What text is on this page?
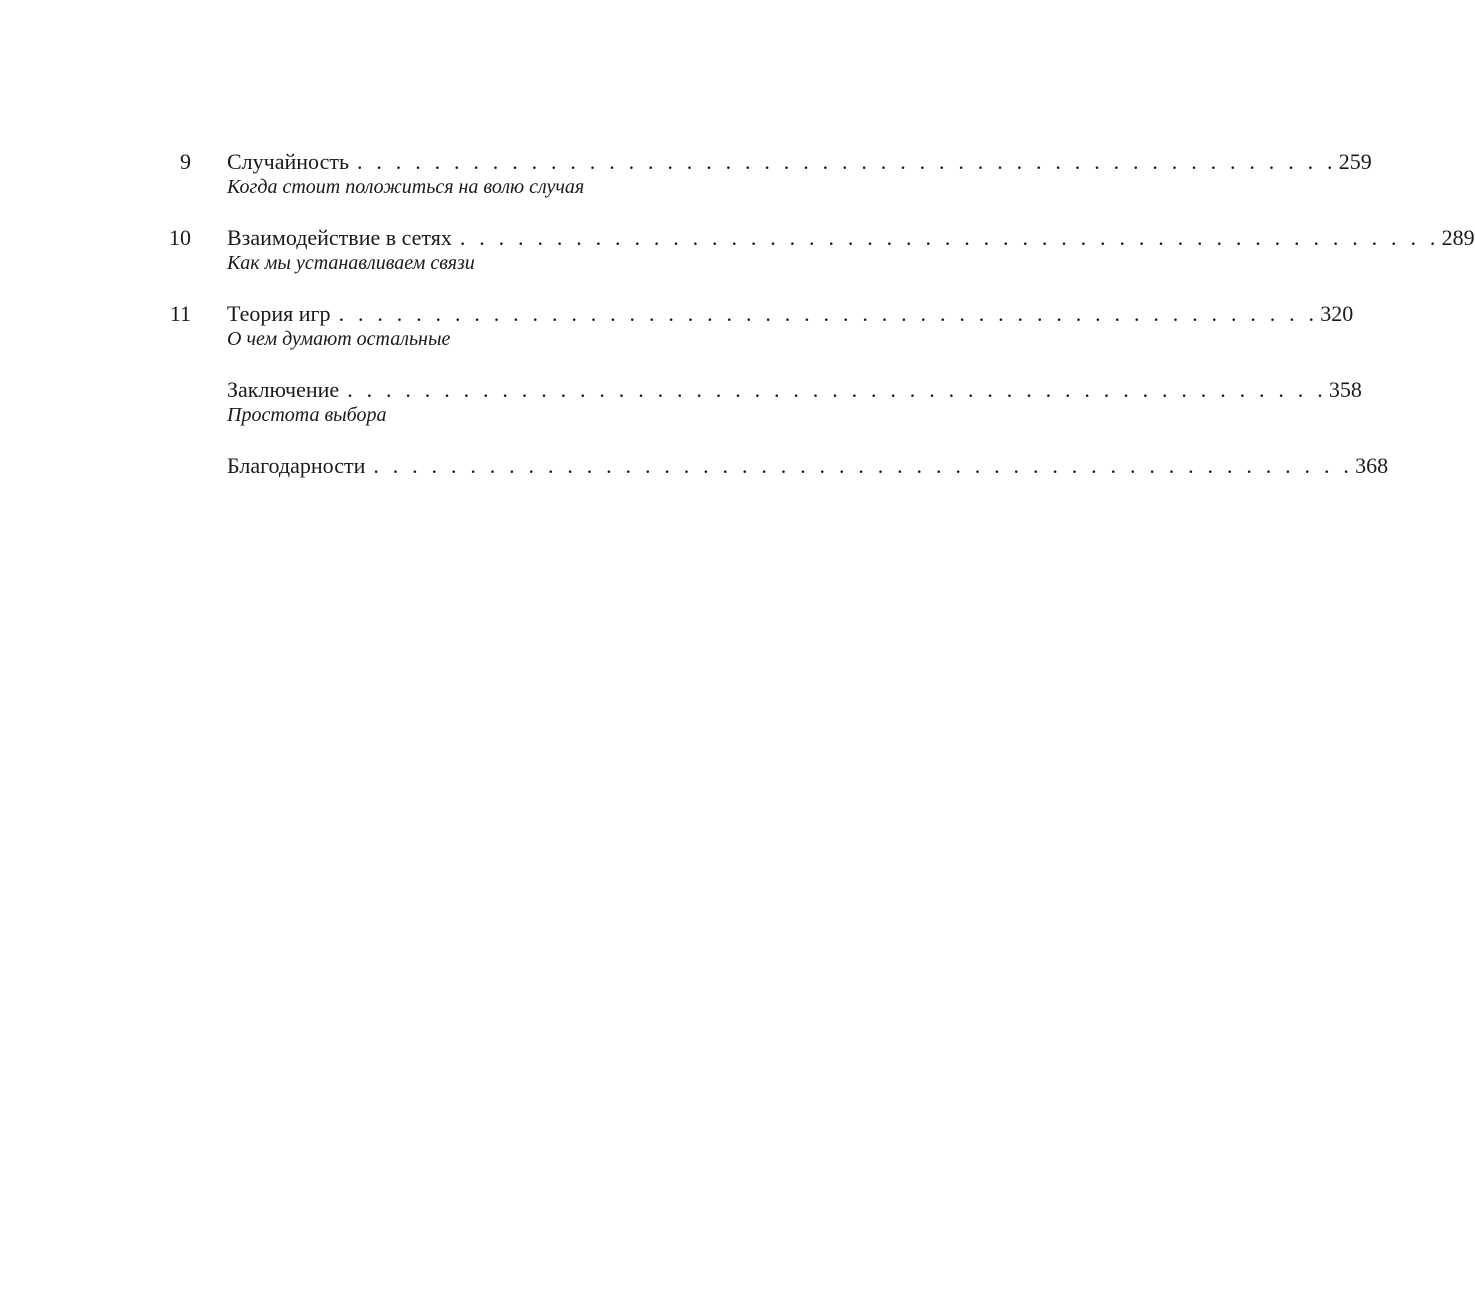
9 Случайность . . . . . . . . . . . . . . . . . . . . . . . . . . . . . . . . . . . . . . . . . . . . . . . . . . . 259
Когда стоит положиться на волю случая
10 Взаимодействие в сетях . . . . . . . . . . . . . . . . . . . . . . . . . . . . . . . . . . . . . . . . . . . . . . . . . . . 289
Как мы устанавливаем связи
11 Теория игр . . . . . . . . . . . . . . . . . . . . . . . . . . . . . . . . . . . . . . . . . . . . . . . . . . . 320
О чем думают остальные
Заключение . . . . . . . . . . . . . . . . . . . . . . . . . . . . . . . . . . . . . . . . . . . . . . . . . . . 358
Простота выбора
Благодарности . . . . . . . . . . . . . . . . . . . . . . . . . . . . . . . . . . . . . . . . . . . . . . . . . . . 368
